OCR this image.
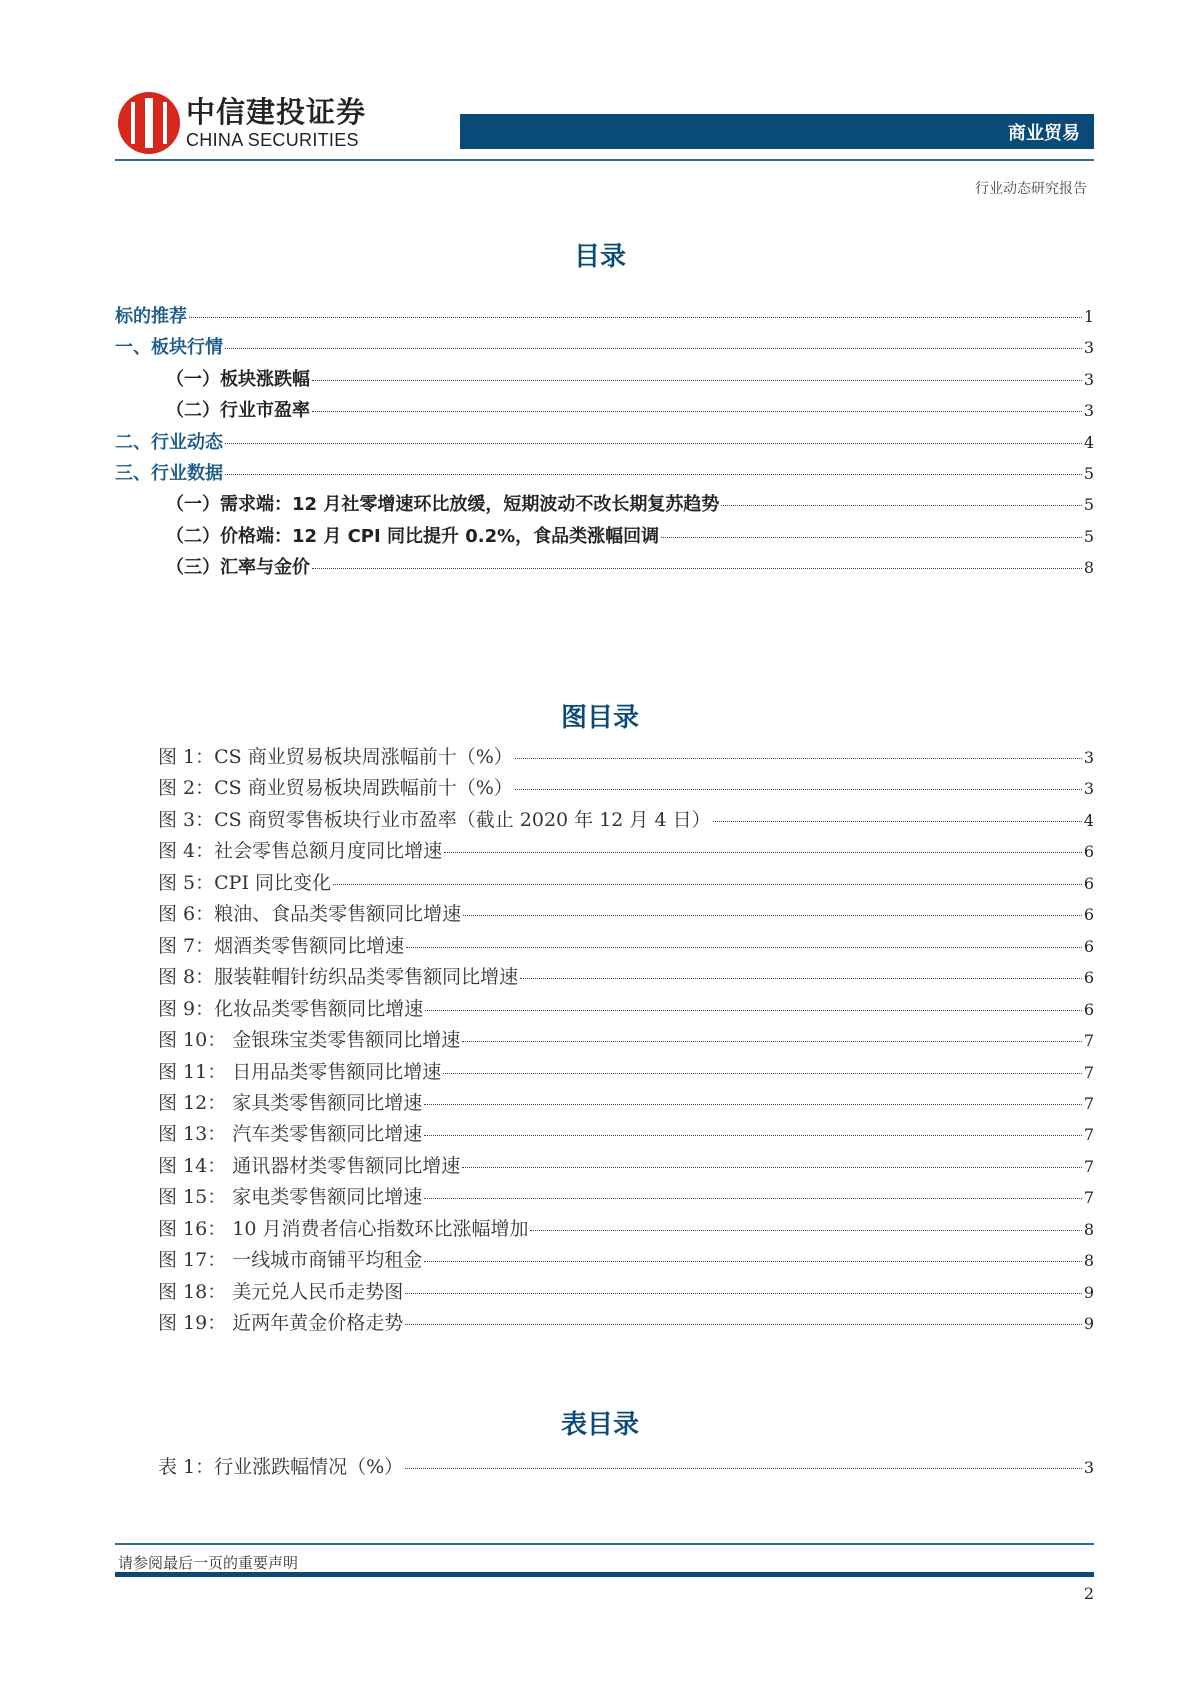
中信建投证券
CHINA SECURITIES	商业贸易
行业动态研究报告
目录
标的推荐	1
一、板块行情	3
（一）板块涨跌幅	3
（二）行业市盈率	3
二、行业动态	4
三、行业数据	5
（一）需求端：12 月社零增速环比放缓，短期波动不改长期复苏趋势	5
（二）价格端：12 月 CPI 同比提升 0.2%，食品类涨幅回调	5
（三）汇率与金价	8
图目录
图 1：CS 商业贸易板块周涨幅前十（%）	3
图 2：CS 商业贸易板块周跌幅前十（%）	3
图 3：CS 商贸零售板块行业市盈率（截止 2020 年 12 月 4 日）	4
图 4：社会零售总额月度同比增速	6
图 5：CPI 同比变化	6
图 6：粮油、食品类零售额同比增速	6
图 7：烟酒类零售额同比增速	6
图 8：服装鞋帽针纺织品类零售额同比增速	6
图 9：化妆品类零售额同比增速	6
图 10： 金银珠宝类零售额同比增速	7
图 11： 日用品类零售额同比增速	7
图 12： 家具类零售额同比增速	7
图 13： 汽车类零售额同比增速	7
图 14： 通讯器材类零售额同比增速	7
图 15： 家电类零售额同比增速	7
图 16： 10 月消费者信心指数环比涨幅增加	8
图 17： 一线城市商铺平均租金	8
图 18： 美元兑人民币走势图	9
图 19： 近两年黄金价格走势	9
表目录
表 1：行业涨跌幅情况（%）	3
请参阅最后一页的重要声明
2
